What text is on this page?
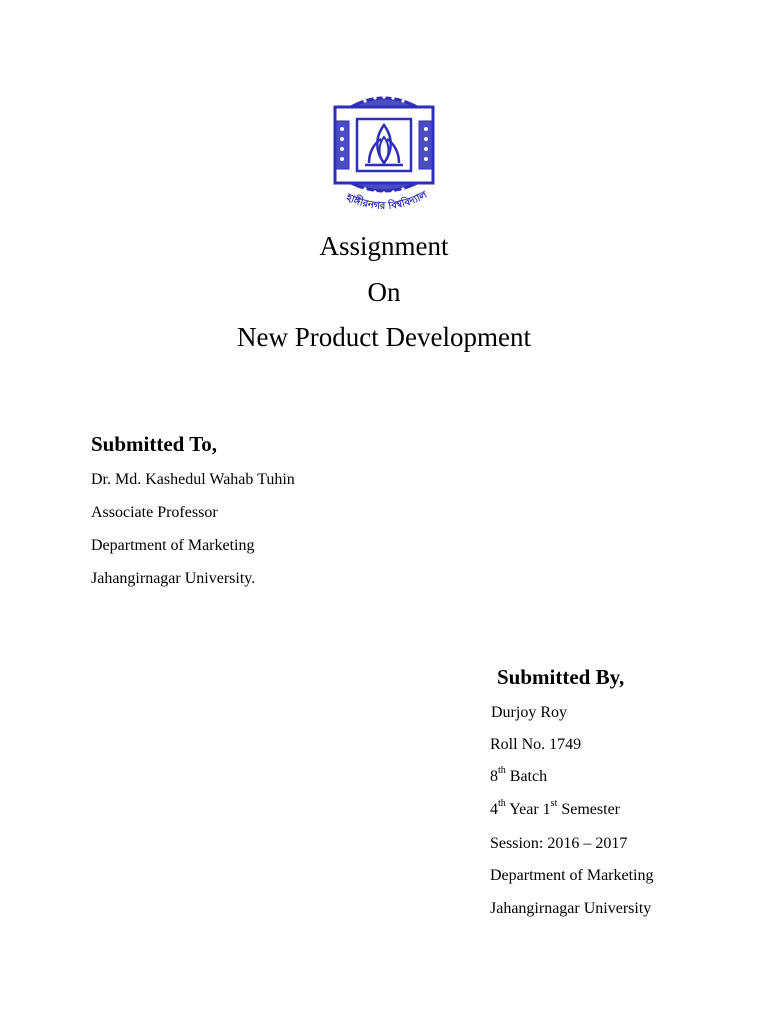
হাঙ্গীরনগর বিশ্ববিদ্যাল
Assignment
On
New Product Development
Submitted To,
Dr. Md. Kashedul Wahab Tuhin
Associate Professor
Department of Marketing
Jahangirnagar University.
Submitted By,
Durjoy Roy
Roll No. 1749
8th Batch
4th Year 1st Semester
Session: 2016 – 2017
Department of Marketing
Jahangirnagar University
